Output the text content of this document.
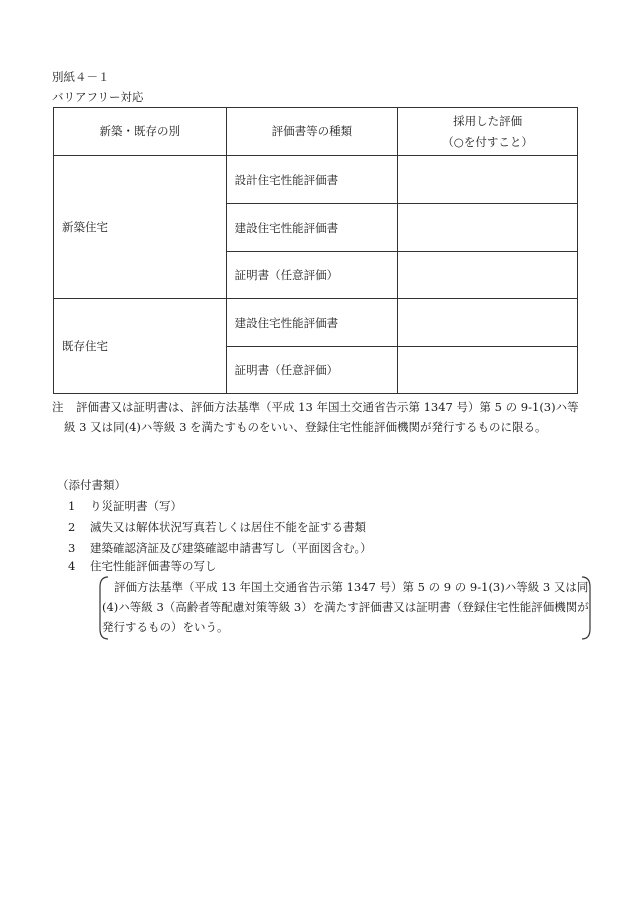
別紙４－１
バリアフリー対応
新築・既存の別	評価書等の種類	採用した評価
（○を付すこと）

新築住宅	設計住宅性能評価書	
	建設住宅性能評価書	
	証明書（任意評価）	
既存住宅	建設住宅性能評価書	
	証明書（任意評価）	
注	評価書又は証明書は、評価方法基準（平成 13 年国土交通省告示第 1347 号）第 5 の 9-1(3)ハ等級 3 又は同(4)ハ等級 3 を満たすものをいい、登録住宅性能評価機関が発行するものに限る。
（添付書類）
1 り災証明書（写）
2 滅失又は解体状況写真若しくは居住不能を証する書類
3 建築確認済証及び建築確認申請書写し（平面図含む。）
4 住宅性能評価書等の写し
評価方法基準（平成 13 年国土交通省告示第 1347 号）第 5 の 9 の 9-1(3)ハ等級 3 又は同(4)ハ等級 3（高齢者等配慮対策等級 3）を満たす評価書又は証明書（登録住宅性能評価機関が発行するもの）をいう。
